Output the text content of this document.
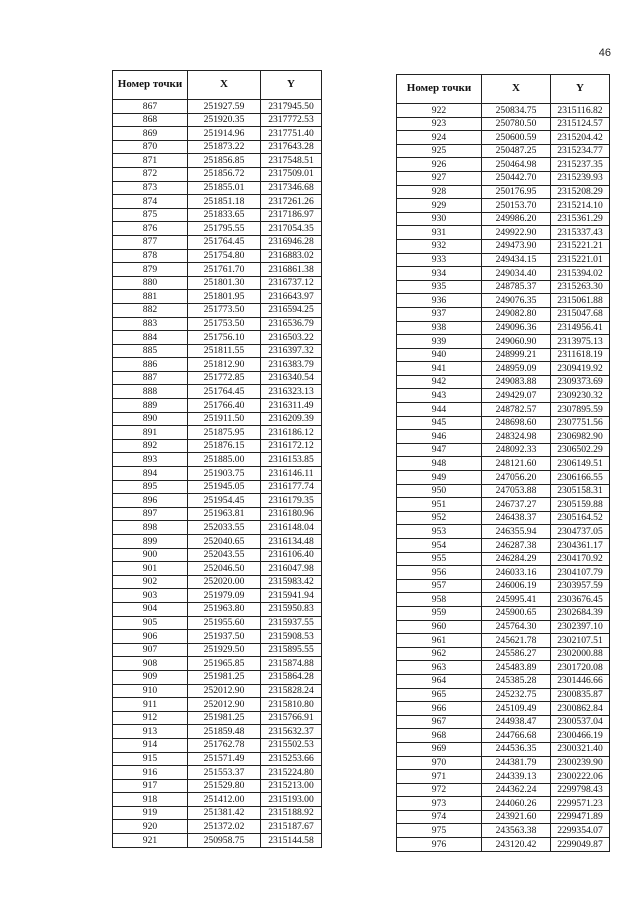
46
Номер точки	X	Y
867	251927.59	2317945.50
868	251920.35	2317772.53
869	251914.96	2317751.40
870	251873.22	2317643.28
871	251856.85	2317548.51
872	251856.72	2317509.01
873	251855.01	2317346.68
874	251851.18	2317261.26
875	251833.65	2317186.97
876	251795.55	2317054.35
877	251764.45	2316946.28
878	251754.80	2316883.02
879	251761.70	2316861.38
880	251801.30	2316737.12
881	251801.95	2316643.97
882	251773.50	2316594.25
883	251753.50	2316536.79
884	251756.10	2316503.22
885	251811.55	2316397.32
886	251812.90	2316383.79
887	251772.85	2316340.54
888	251764.45	2316323.13
889	251766.40	2316311.49
890	251911.50	2316209.39
891	251875.95	2316186.12
892	251876.15	2316172.12
893	251885.00	2316153.85
894	251903.75	2316146.11
895	251945.05	2316177.74
896	251954.45	2316179.35
897	251963.81	2316180.96
898	252033.55	2316148.04
899	252040.65	2316134.48
900	252043.55	2316106.40
901	252046.50	2316047.98
902	252020.00	2315983.42
903	251979.09	2315941.94
904	251963.80	2315950.83
905	251955.60	2315937.55
906	251937.50	2315908.53
907	251929.50	2315895.55
908	251965.85	2315874.88
909	251981.25	2315864.28
910	252012.90	2315828.24
911	252012.90	2315810.80
912	251981.25	2315766.91
913	251859.48	2315632.37
914	251762.78	2315502.53
915	251571.49	2315253.66
916	251553.37	2315224.80
917	251529.80	2315213.00
918	251412.00	2315193.00
919	251381.42	2315188.92
920	251372.02	2315187.67
921	250958.75	2315144.58
Номер точки	X	Y
922	250834.75	2315116.82
923	250780.50	2315124.57
924	250600.59	2315204.42
925	250487.25	2315234.77
926	250464.98	2315237.35
927	250442.70	2315239.93
928	250176.95	2315208.29
929	250153.70	2315214.10
930	249986.20	2315361.29
931	249922.90	2315337.43
932	249473.90	2315221.21
933	249434.15	2315221.01
934	249034.40	2315394.02
935	248785.37	2315263.30
936	249076.35	2315061.88
937	249082.80	2315047.68
938	249096.36	2314956.41
939	249060.90	2313975.13
940	248999.21	2311618.19
941	248959.09	2309419.92
942	249083.88	2309373.69
943	249429.07	2309230.32
944	248782.57	2307895.59
945	248698.60	2307751.56
946	248324.98	2306982.90
947	248092.33	2306502.29
948	248121.60	2306149.51
949	247056.20	2306166.55
950	247053.88	2305158.31
951	246737.27	2305159.88
952	246438.37	2305164.52
953	246355.94	2304737.05
954	246287.38	2304361.17
955	246284.29	2304170.92
956	246033.16	2304107.79
957	246006.19	2303957.59
958	245995.41	2303676.45
959	245900.65	2302684.39
960	245764.30	2302397.10
961	245621.78	2302107.51
962	245586.27	2302000.88
963	245483.89	2301720.08
964	245385.28	2301446.66
965	245232.75	2300835.87
966	245109.49	2300862.84
967	244938.47	2300537.04
968	244766.68	2300466.19
969	244536.35	2300321.40
970	244381.79	2300239.90
971	244339.13	2300222.06
972	244362.24	2299798.43
973	244060.26	2299571.23
974	243921.60	2299471.89
975	243563.38	2299354.07
976	243120.42	2299049.87
